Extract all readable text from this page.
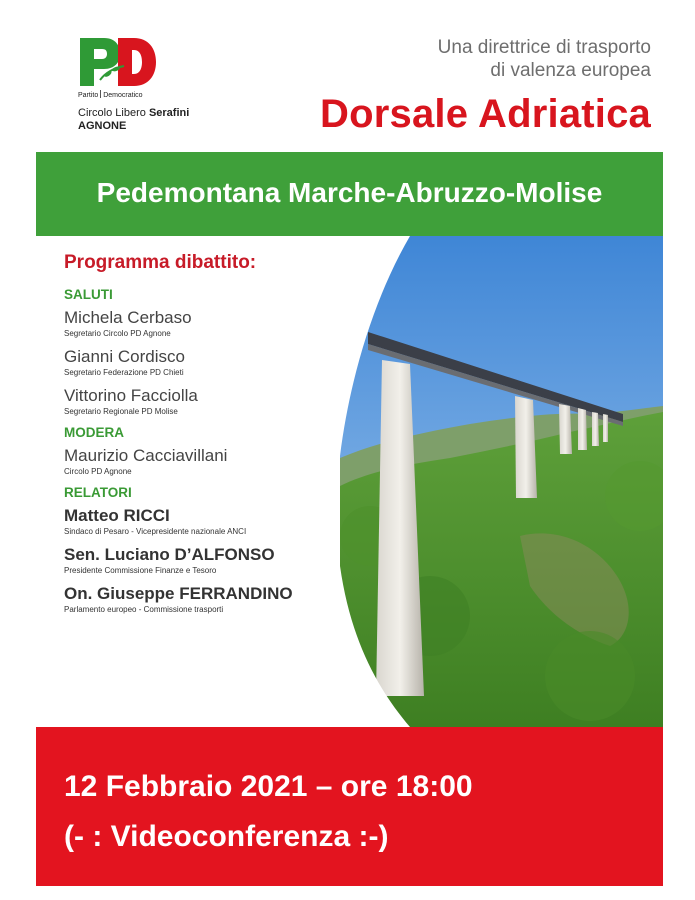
Partito Democratico
Circolo Libero Serafini
AGNONE
Una direttrice di trasporto
di valenza europea
Dorsale Adriatica
Pedemontana Marche-Abruzzo-Molise
Programma dibattito:
SALUTI
Michela Cerbaso
Segretario Circolo PD Agnone
Gianni Cordisco
Segretario Federazione PD Chieti
Vittorino Facciolla
Segretario Regionale PD Molise
MODERA
Maurizio Cacciavillani
Circolo PD Agnone
RELATORI
Matteo RICCI
Sindaco di Pesaro - Vicepresidente nazionale ANCI
Sen. Luciano D’ALFONSO
Presidente Commissione Finanze e Tesoro
On. Giuseppe FERRANDINO
Parlamento europeo - Commissione trasporti
12 Febbraio 2021 – ore 18:00
(- : Videoconferenza :-)
